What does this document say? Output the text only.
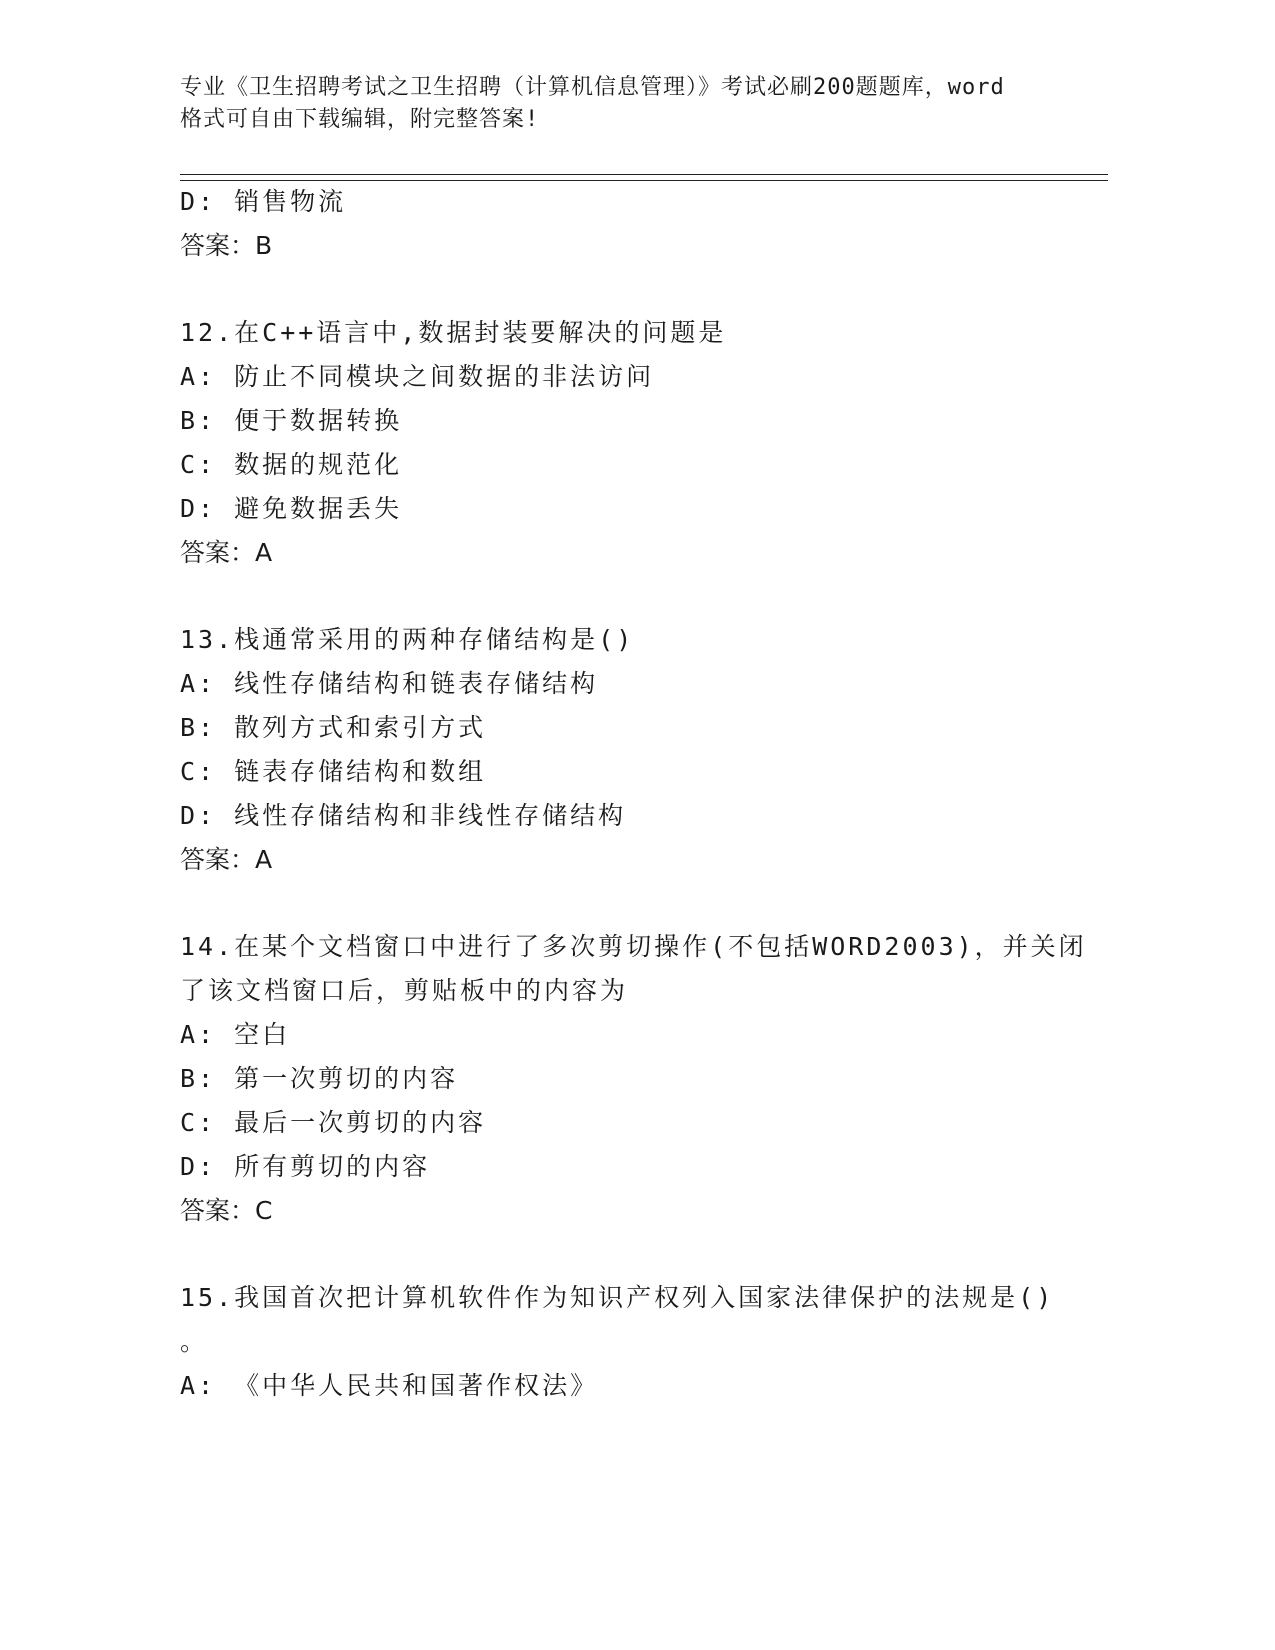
专业《卫生招聘考试之卫生招聘（计算机信息管理）》考试必刷200题题库，word
格式可自由下载编辑，附完整答案!
D: 销售物流
答案：B
12.在C++语言中,数据封装要解决的问题是
A: 防止不同模块之间数据的非法访问
B: 便于数据转换
C: 数据的规范化
D: 避免数据丢失
答案：A
13.栈通常采用的两种存储结构是()
A: 线性存储结构和链表存储结构
B: 散列方式和索引方式
C: 链表存储结构和数组
D: 线性存储结构和非线性存储结构
答案：A
14.在某个文档窗口中进行了多次剪切操作(不包括WORD2003)，并关闭
了该文档窗口后，剪贴板中的内容为
A: 空白
B: 第一次剪切的内容
C: 最后一次剪切的内容
D: 所有剪切的内容
答案：C
15.我国首次把计算机软件作为知识产权列入国家法律保护的法规是()
。
A: 《中华人民共和国著作权法》
